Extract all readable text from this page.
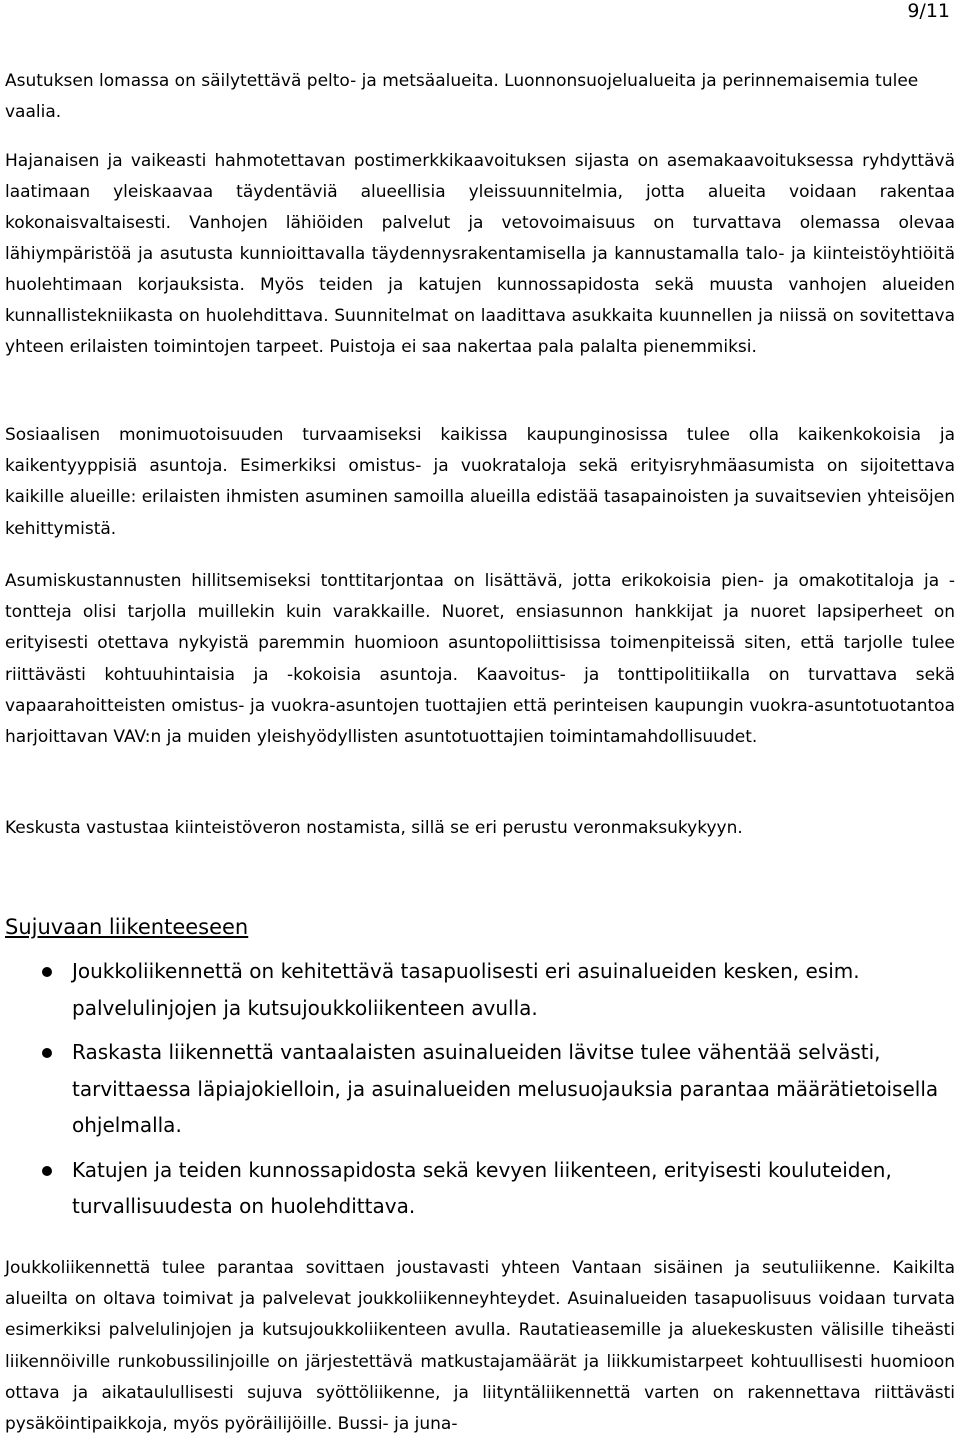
9/11

Asutuksen lomassa on säilytettävä pelto- ja metsäalueita. Luonnonsuojelualueita ja perinnemaisemia tulee vaalia.

Hajanaisen ja vaikeasti hahmotettavan postimerkkikaavoituksen sijasta on asemakaavoituksessa ryhdyttävä laatimaan yleiskaavaa täydentäviä alueellisia yleissuunnitelmia, jotta alueita voidaan rakentaa kokonaisvaltaisesti. Vanhojen lähiöiden palvelut ja vetovoimaisuus on turvattava olemassa olevaa lähiympäristöä ja asutusta kunnioittavalla täydennysrakentamisella ja kannustamalla talo- ja kiinteistöyhtiöitä huolehtimaan korjauksista. Myös teiden ja katujen kunnossapidosta sekä muusta vanhojen alueiden kunnallistekniikasta on huolehdittava. Suunnitelmat on laadittava asukkaita kuunnellen ja niissä on sovitettava yhteen erilaisten toimintojen tarpeet. Puistoja ei saa nakertaa pala palalta pienemmiksi.

Sosiaalisen monimuotoisuuden turvaamiseksi kaikissa kaupunginosissa tulee olla kaikenkokoisia ja kaikentyyppisiä asuntoja. Esimerkiksi omistus- ja vuokrataloja sekä erityisryhmäasumista on sijoitettava kaikille alueille: erilaisten ihmisten asuminen samoilla alueilla edistää tasapainoisten ja suvaitsevien yhteisöjen kehittymistä.

Asumiskustannusten hillitsemiseksi tonttitarjontaa on lisättävä, jotta erikokoisia pien- ja omakotitaloja ja -tontteja olisi tarjolla muillekin kuin varakkaille. Nuoret, ensiasunnon hankkijat ja nuoret lapsiperheet on erityisesti otettava nykyistä paremmin huomioon asuntopoliittisissa toimenpiteissä siten, että tarjolle tulee riittävästi kohtuuhintaisia ja -kokoisia asuntoja. Kaavoitus- ja tonttipolitiikalla on turvattava sekä vapaarahoitteisten omistus- ja vuokra-asuntojen tuottajien että perinteisen kaupungin vuokra-asuntotuotantoa harjoittavan VAV:n ja muiden yleishyödyllisten asuntotuottajien toimintamahdollisuudet.

Keskusta vastustaa kiinteistöveron nostamista, sillä se eri perustu veronmaksukykyyn.

Sujuvaan liikenteeseen
Joukkoliikennettä on kehitettävä tasapuolisesti eri asuinalueiden kesken, esim. palvelulinjojen ja kutsujoukkoliikenteen avulla.
Raskasta liikennettä vantaalaisten asuinalueiden lävitse tulee vähentää selvästi, tarvittaessa läpiajokielloin, ja asuinalueiden melusuojauksia parantaa määrätietoisella ohjelmalla.
Katujen ja teiden kunnossapidosta sekä kevyen liikenteen, erityisesti kouluteiden, turvallisuudesta on huolehdittava.

Joukkoliikennettä tulee parantaa sovittaen joustavasti yhteen Vantaan sisäinen ja seutuliikenne. Kaikilta alueilta on oltava toimivat ja palvelevat joukkoliikenneyhteydet. Asuinalueiden tasapuolisuus voidaan turvata esimerkiksi palvelulinjojen ja kutsujoukkoliikenteen avulla. Rautatieasemille ja aluekeskusten välisille tiheästi liikennöiville runkobussilinjoille on järjestettävä matkustajamäärät ja liikkumistarpeet kohtuullisesti huomioon ottava ja aikataulullisesti sujuva syöttöliikenne, ja liityntäliikennettä varten on rakennettava riittävästi pysäköintipaikkoja, myös pyöräilijöille. Bussi- ja juna-
